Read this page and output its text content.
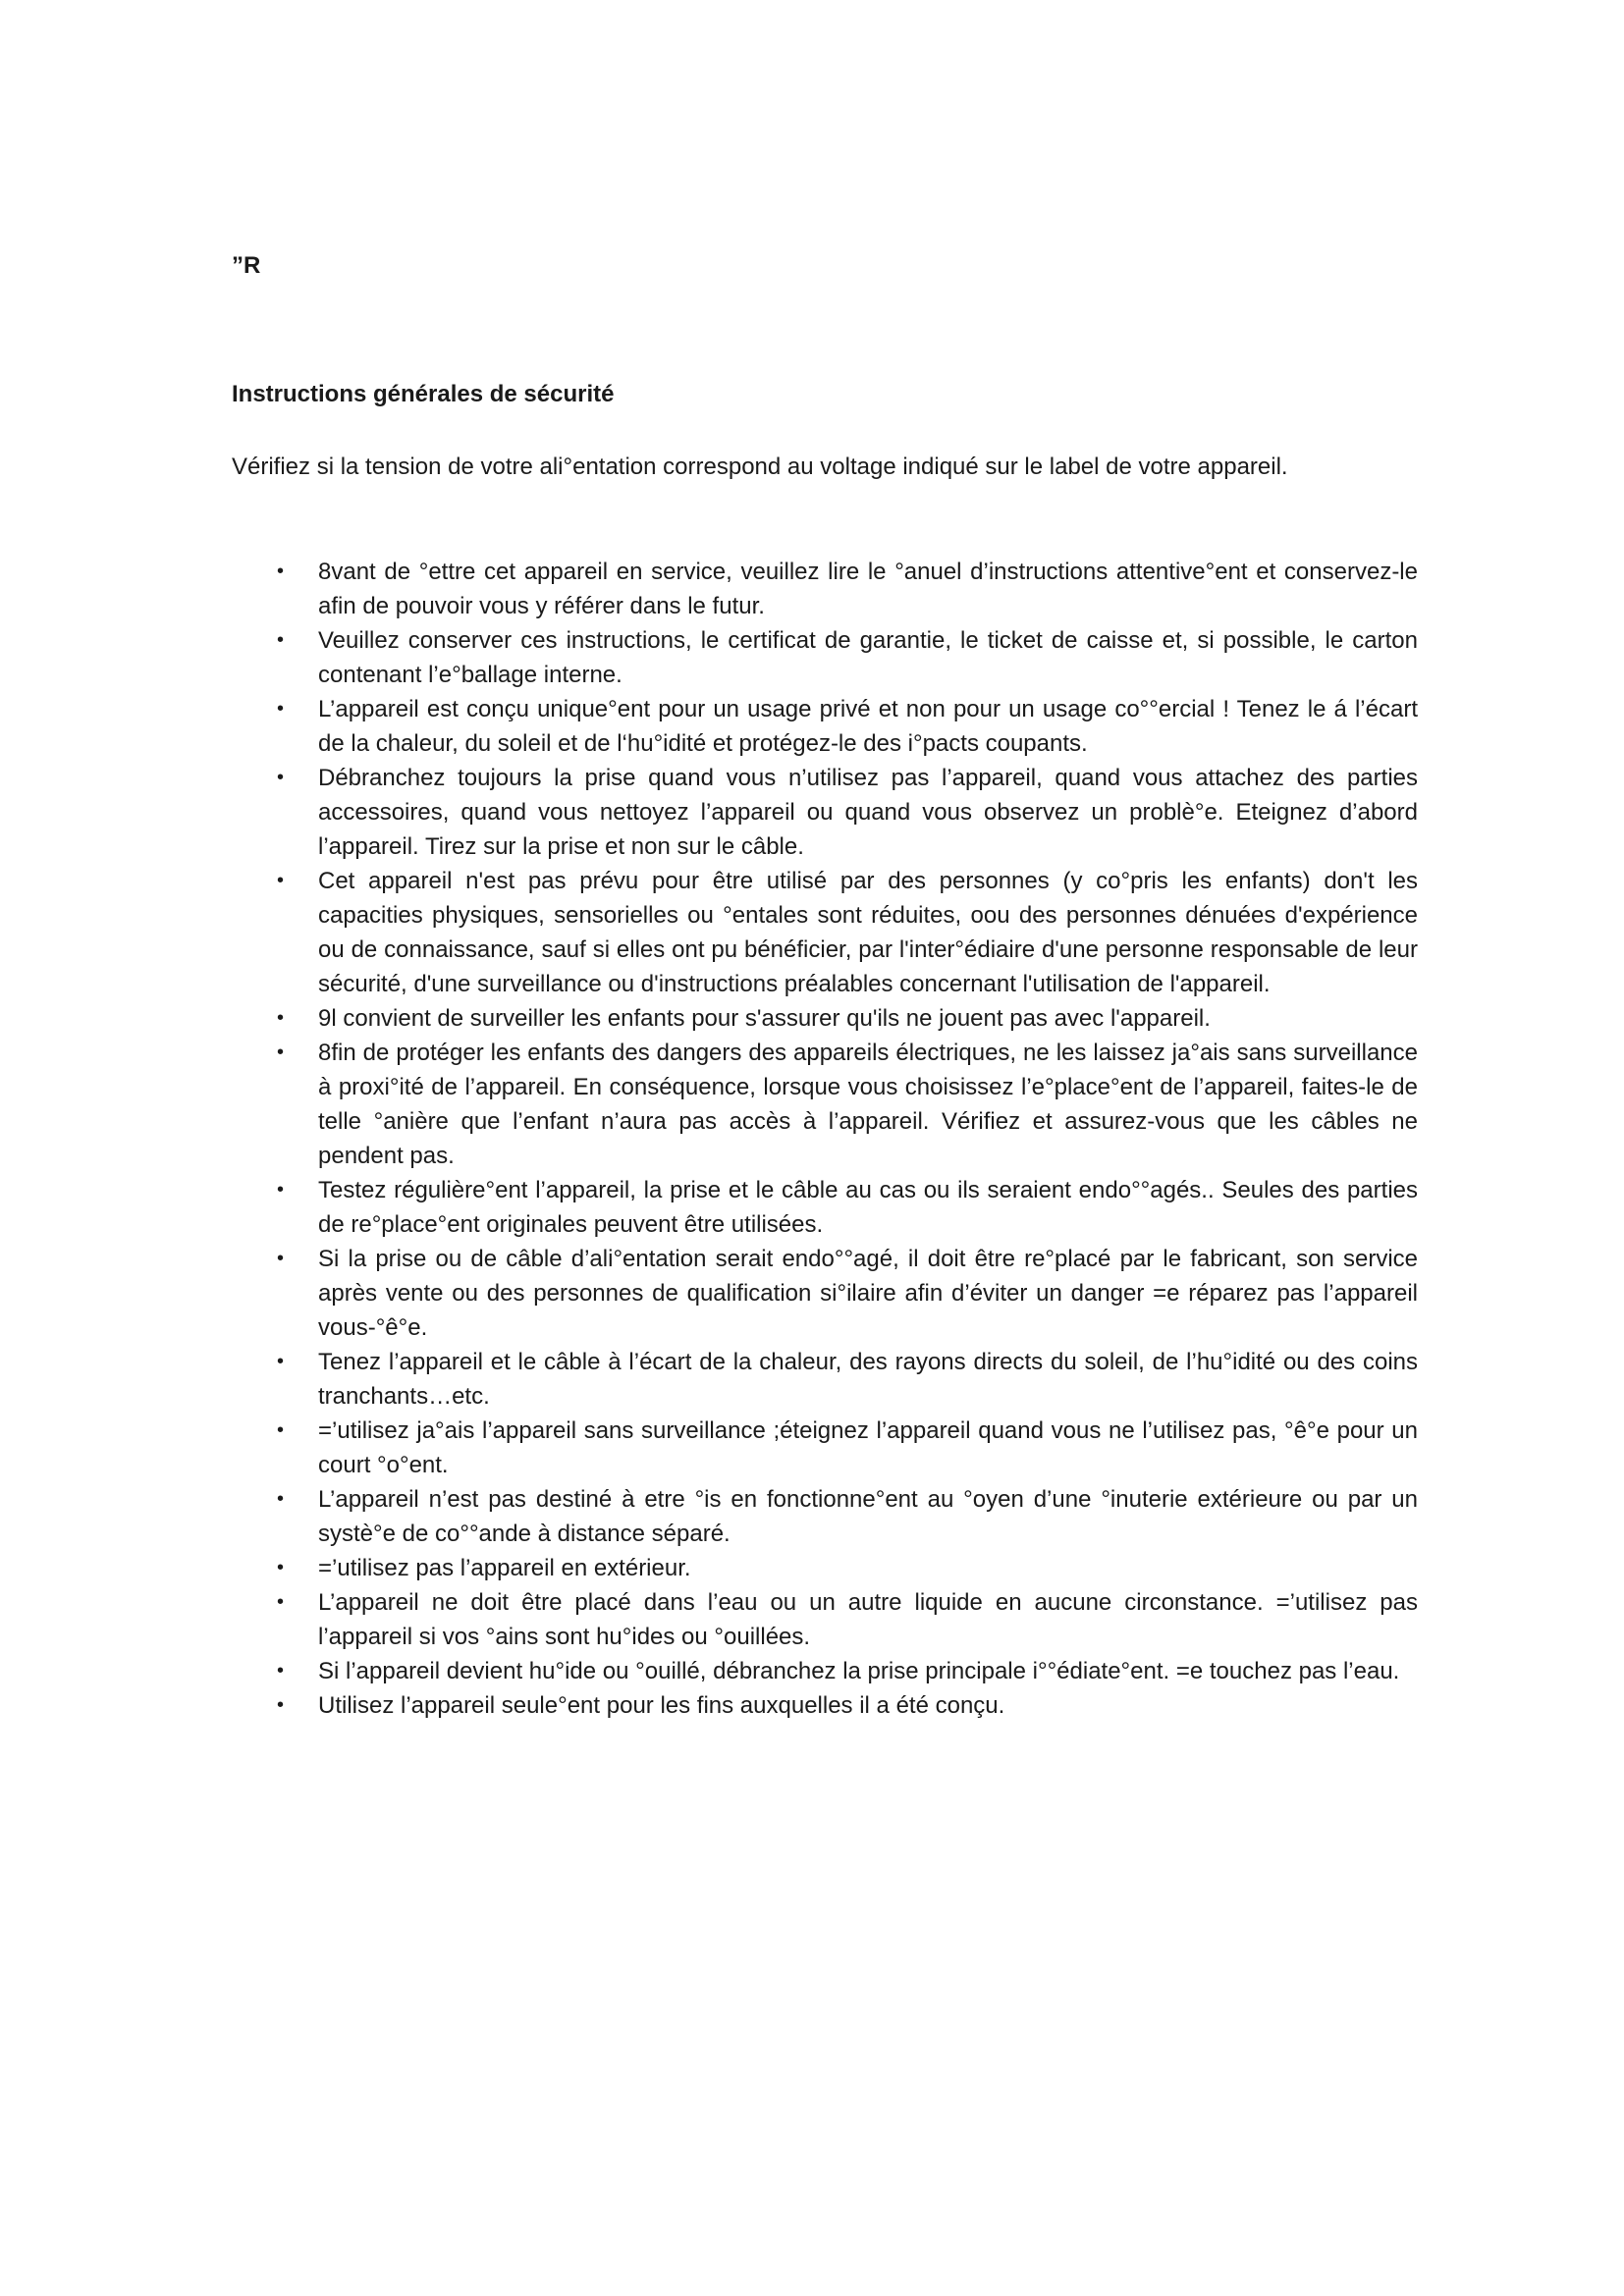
”R

Instructions générales de sécurité

Vérifiez si la tension de votre ali°entation correspond au voltage indiqué sur le label de votre appareil.

• 8vant de °ettre cet appareil en service, veuillez lire le °anuel d’instructions attentive°ent et conservez-le afin de pouvoir vous y référer dans le futur.
• Veuillez conserver ces instructions, le certificat de garantie, le ticket de caisse et, si possible, le carton contenant l’e°ballage interne.
• L’appareil est conçu unique°ent pour un usage privé et non pour un usage co°°ercial ! Tenez le á l’écart de la chaleur, du soleil et de l‘hu°idité et protégez-le des i°pacts coupants.
• Débranchez toujours la prise quand vous n’utilisez pas l’appareil, quand vous attachez des parties accessoires, quand vous nettoyez l’appareil ou quand vous observez un problè°e. Eteignez d’abord l’appareil. Tirez sur la prise et non sur le câble.
• Cet appareil n'est pas prévu pour être utilisé par des personnes (y co°pris les enfants) don't les capacities physiques, sensorielles ou °entales sont réduites, oou des personnes dénuées d'expérience ou de connaissance, sauf si elles ont pu bénéficier, par l'inter°édiaire d'une personne responsable de leur sécurité, d'une surveillance ou d'instructions préalables concernant l'utilisation de l'appareil.
• 9l convient de surveiller les enfants pour s'assurer qu'ils ne jouent pas avec l'appareil.
• 8fin de protéger les enfants des dangers des appareils électriques, ne les laissez ja°ais sans surveillance à proxi°ité de l’appareil. En conséquence, lorsque vous choisissez l’e°place°ent de l’appareil, faites-le de telle °anière que l’enfant n’aura pas accès à l’appareil. Vérifiez et assurez-vous que les câbles ne pendent pas.
• Testez régulière°ent l’appareil, la prise et le câble au cas ou ils seraient endo°°agés.. Seules des parties de re°place°ent originales peuvent être utilisées.
• Si la prise ou de câble d’ali°entation serait endo°°agé, il doit être re°placé par le fabricant, son service après vente ou des personnes de qualification si°ilaire afin d’éviter un danger =e réparez pas l’appareil vous-°ê°e.
• Tenez l’appareil et le câble à l’écart de la chaleur, des rayons directs du soleil, de l’hu°idité ou des coins tranchants…etc.
• =’utilisez ja°ais l’appareil sans surveillance ;éteignez l’appareil quand vous ne l’utilisez pas, °ê°e pour un court °o°ent.
• L’appareil n’est pas destiné à etre °is en fonctionne°ent au °oyen d’une °inuterie extérieure ou par un systè°e de co°°ande à distance séparé.
• =’utilisez pas l’appareil en extérieur.
• L’appareil ne doit être placé dans l’eau ou un autre liquide en aucune circonstance. =’utilisez pas l’appareil si vos °ains sont hu°ides ou °ouillées.
• Si l’appareil devient hu°ide ou °ouillé, débranchez la prise principale i°°édiate°ent. =e touchez pas l’eau.
• Utilisez l’appareil seule°ent pour les fins auxquelles il a été conçu.
